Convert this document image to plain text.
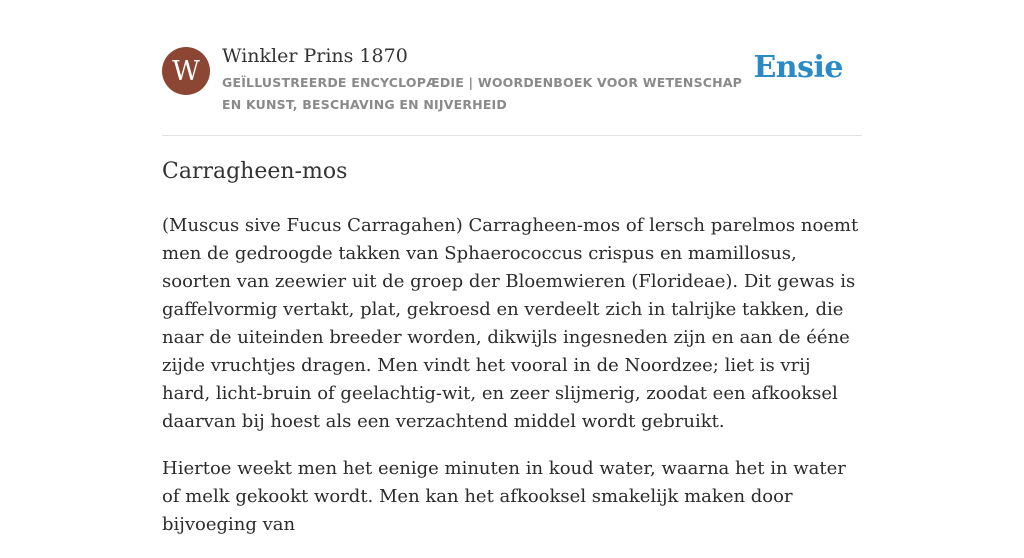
W Winkler Prins 1870
GEÏLLUSTREERDE ENCYCLOPÆDIE | WOORDENBOEK VOOR WETENSCHAP EN KUNST, BESCHAVING EN NIJVERHEID
Ensie
Carragheen-mos

(Muscus sive Fucus Carragahen) Carragheen-mos of lersch parelmos noemt men de gedroogde takken van Sphaerococcus crispus en mamillosus, soorten van zeewier uit de groep der Bloemwieren (Florideae). Dit gewas is gaffelvormig vertakt, plat, gekroesd en verdeelt zich in talrijke takken, die naar de uiteinden breeder worden, dikwijls ingesneden zijn en aan de ééne zijde vruchtjes dragen. Men vindt het vooral in de Noordzee; liet is vrij hard, licht-bruin of geelachtig-wit, en zeer slijmerig, zoodat een afkooksel daarvan bij hoest als een verzachtend middel wordt gebruikt.

Hiertoe weekt men het eenige minuten in koud water, waarna het in water of melk gekookt wordt. Men kan het afkooksel smakelijk maken door bijvoeging van
